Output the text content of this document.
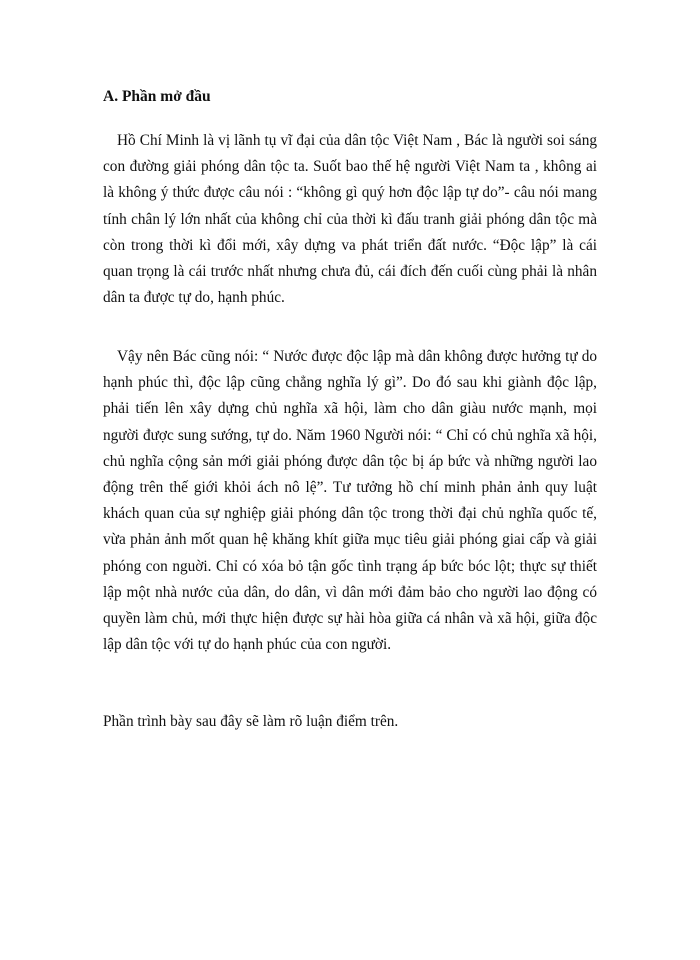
A. Phần mở đầu

Hồ Chí Minh là vị lãnh tụ vĩ đại của dân tộc Việt Nam , Bác là người soi sáng con đường giải phóng dân tộc ta. Suốt bao thế hệ người Việt Nam ta , không ai là không ý thức được câu nói : “không gì quý hơn độc lập tự do”- câu nói mang tính chân lý lớn nhất của không chỉ của thời kì đấu tranh giải phóng dân tộc mà còn trong thời kì đổi mới, xây dựng va phát triển đất nước. “Độc lập” là cái quan trọng là cái trước nhất nhưng chưa đủ, cái đích đến cuối cùng phải là nhân dân ta được tự do, hạnh phúc.

Vậy nên Bác cũng nói: “ Nước được độc lập mà dân không được hưởng tự do hạnh phúc thì, độc lập cũng chẳng nghĩa lý gì”. Do đó sau khi giành độc lập, phải tiến lên xây dựng chủ nghĩa xã hội, làm cho dân giàu nước mạnh, mọi người được sung sướng, tự do. Năm 1960 Người nói: “ Chỉ có chủ nghĩa xã hội, chủ nghĩa cộng sản mới giải phóng được dân tộc bị áp bức và những người lao động trên thế giới khỏi ách nô lệ”. Tư tưởng hồ chí minh phản ảnh quy luật khách quan của sự nghiệp giải phóng dân tộc trong thời đại chủ nghĩa quốc tế, vừa phản ảnh mốt quan hệ khăng khít giữa mục tiêu giải phóng giai cấp và giải phóng con nguời. Chỉ có xóa bỏ tận gốc tình trạng áp bức bóc lột; thực sự thiết lập một nhà nước của dân, do dân, vì dân mới đảm bảo cho người lao động có quyền làm chủ, mới thực hiện được sự hài hòa giữa cá nhân và xã hội, giữa độc lập dân tộc với tự do hạnh phúc của con người.

Phần trình bày sau đây sẽ làm rõ luận điểm trên.
